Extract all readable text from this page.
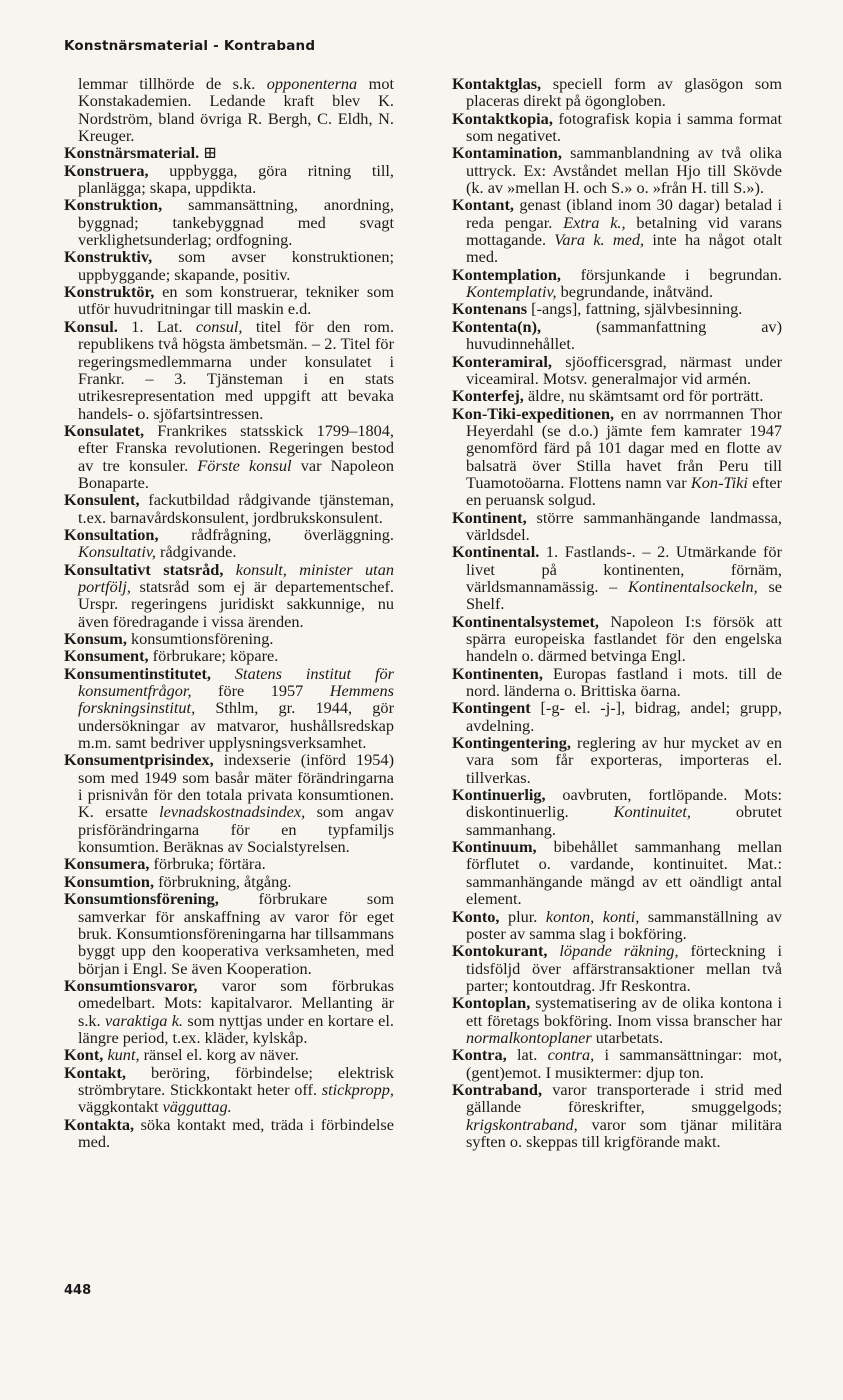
Konstnärsmaterial - Kontraband

lemmar tillhörde de s.k. opponenterna mot Konstakademien. Ledande kraft blev K. Nordström, bland övriga R. Bergh, C. Eldh, N. Kreuger.

Konstnärsmaterial. ⊞

Konstruera, uppbygga, göra ritning till, planlägga; skapa, uppdikta.

Konstruktion, sammansättning, anordning, byggnad; tankebyggnad med svagt verklighetsunderlag; ordfogning.

Konstruktiv, som avser konstruktionen; uppbyggande; skapande, positiv.

Konstruktör, en som konstruerar, tekniker som utför huvudritningar till maskin e.d.

Konsul. 1. Lat. consul, titel för den rom. republikens två högsta ämbetsmän. – 2. Titel för regeringsmedlemmarna under konsulatet i Frankr. – 3. Tjänsteman i en stats utrikesrepresentation med uppgift att bevaka handels- o. sjöfartsintressen.

Konsulatet, Frankrikes statsskick 1799–1804, efter Franska revolutionen. Regeringen bestod av tre konsuler. Förste konsul var Napoleon Bonaparte.

Konsulent, fackutbildad rådgivande tjänsteman, t.ex. barnavårdskonsulent, jordbrukskonsulent.

Konsultation, rådfrågning, överläggning. Konsultativ, rådgivande.

Konsultativt statsråd, konsult, minister utan portfölj, statsråd som ej är departementschef. Urspr. regeringens juridiskt sakkunnige, nu även föredragande i vissa ärenden.

Konsum, konsumtionsförening.

Konsument, förbrukare; köpare.

Konsumentinstitutet, Statens institut för konsumentfrågor, före 1957 Hemmens forskningsinstitut, Sthlm, gr. 1944, gör undersökningar av matvaror, hushållsredskap m.m. samt bedriver upplysningsverksamhet.

Konsumentprisindex, indexserie (införd 1954) som med 1949 som basår mäter förändringarna i prisnivån för den totala privata konsumtionen. K. ersatte levnadskostnadsindex, som angav prisförändringarna för en typfamiljs konsumtion. Beräknas av Socialstyrelsen.

Konsumera, förbruka; förtära.

Konsumtion, förbrukning, åtgång.

Konsumtionsförening, förbrukare som samverkar för anskaffning av varor för eget bruk. Konsumtionsföreningarna har tillsammans byggt upp den kooperativa verksamheten, med början i Engl. Se även Kooperation.

Konsumtionsvaror, varor som förbrukas omedelbart. Mots: kapitalvaror. Mellanting är s.k. varaktiga k. som nyttjas under en kortare el. längre period, t.ex. kläder, kylskåp.

Kont, kunt, ränsel el. korg av näver.

Kontakt, beröring, förbindelse; elektrisk strömbrytare. Stickkontakt heter off. stickpropp, väggkontakt vägguttag.

Kontakta, söka kontakt med, träda i förbindelse med.

Kontaktglas, speciell form av glasögon som placeras direkt på ögongloben.

Kontaktkopia, fotografisk kopia i samma format som negativet.

Kontamination, sammanblandning av två olika uttryck. Ex: Avståndet mellan Hjo till Skövde (k. av »mellan H. och S.» o. »från H. till S.»).

Kontant, genast (ibland inom 30 dagar) betalad i reda pengar. Extra k., betalning vid varans mottagande. Vara k. med, inte ha något otalt med.

Kontemplation, försjunkande i begrundan. Kontemplativ, begrundande, inåtvänd.

Kontenans [-angs], fattning, självbesinning.

Kontenta(n), (sammanfattning av) huvudinnehållet.

Konteramiral, sjöofficersgrad, närmast under viceamiral. Motsv. generalmajor vid armén.

Konterfej, äldre, nu skämtsamt ord för porträtt.

Kon-Tiki-expeditionen, en av norrmannen Thor Heyerdahl (se d.o.) jämte fem kamrater 1947 genomförd färd på 101 dagar med en flotte av balsaträ över Stilla havet från Peru till Tuamotoöarna. Flottens namn var Kon-Tiki efter en peruansk solgud.

Kontinent, större sammanhängande landmassa, världsdel.

Kontinental. 1. Fastlands-. – 2. Utmärkande för livet på kontinenten, förnäm, världsmannamässig. – Kontinentalsockeln, se Shelf.

Kontinentalsystemet, Napoleon I:s försök att spärra europeiska fastlandet för den engelska handeln o. därmed betvinga Engl.

Kontinenten, Europas fastland i mots. till de nord. länderna o. Brittiska öarna.

Kontingent [-g- el. -j-], bidrag, andel; grupp, avdelning.

Kontingentering, reglering av hur mycket av en vara som får exporteras, importeras el. tillverkas.

Kontinuerlig, oavbruten, fortlöpande. Mots: diskontinuerlig. Kontinuitet, obrutet sammanhang.

Kontinuum, bibehållet sammanhang mellan förflutet o. vardande, kontinuitet. Mat.: sammanhängande mängd av ett oändligt antal element.

Konto, plur. konton, konti, sammanställning av poster av samma slag i bokföring.

Kontokurant, löpande räkning, förteckning i tidsföljd över affärstransaktioner mellan två parter; kontoutdrag. Jfr Reskontra.

Kontoplan, systematisering av de olika kontona i ett företags bokföring. Inom vissa branscher har normalkontoplaner utarbetats.

Kontra, lat. contra, i sammansättningar: mot, (gent)emot. I musiktermer: djup ton.

Kontraband, varor transporterade i strid med gällande föreskrifter, smuggelgods; krigskontraband, varor som tjänar militära syften o. skeppas till krigförande makt.

448
